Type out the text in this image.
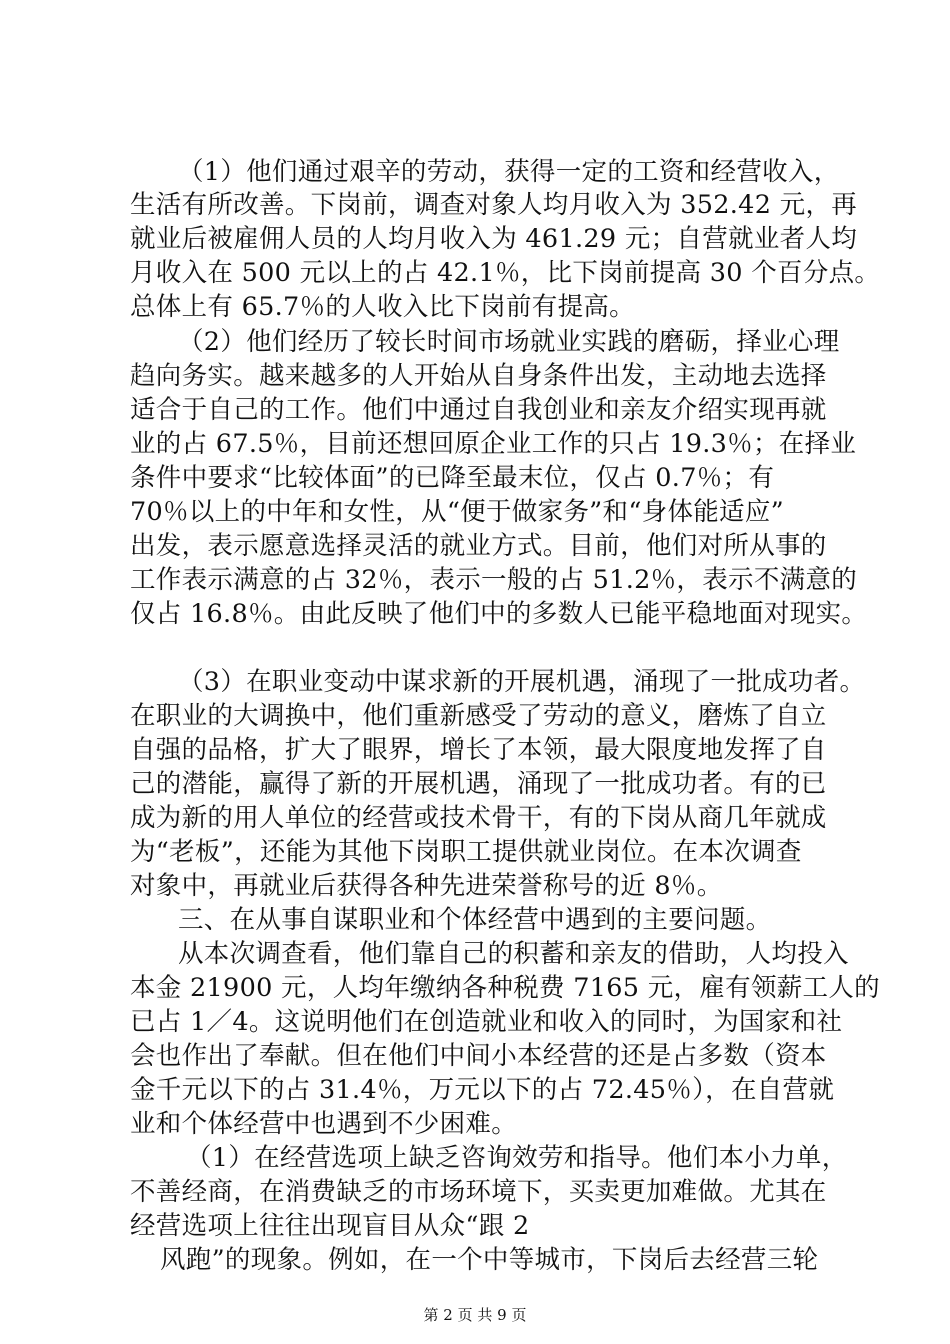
（1）他们通过艰辛的劳动，获得一定的工资和经营收入，
生活有所改善。下岗前，调查对象人均月收入为 352.42 元，再
就业后被雇佣人员的人均月收入为 461.29 元；自营就业者人均
月收入在 500 元以上的占 42.1％，比下岗前提高 30 个百分点。
总体上有 65.7％的人收入比下岗前有提高。
（2）他们经历了较长时间市场就业实践的磨砺，择业心理
趋向务实。越来越多的人开始从自身条件出发，主动地去选择
适合于自己的工作。他们中通过自我创业和亲友介绍实现再就
业的占 67.5％，目前还想回原企业工作的只占 19.3％；在择业
条件中要求“比较体面”的已降至最末位，仅占 0.7％；有
70％以上的中年和女性，从“便于做家务”和“身体能适应”
出发，表示愿意选择灵活的就业方式。目前，他们对所从事的
工作表示满意的占 32％，表示一般的占 51.2％，表示不满意的
仅占 16.8％。由此反映了他们中的多数人已能平稳地面对现实。
（3）在职业变动中谋求新的开展机遇，涌现了一批成功者。
在职业的大调换中，他们重新感受了劳动的意义，磨炼了自立
自强的品格，扩大了眼界，增长了本领，最大限度地发挥了自
己的潜能，赢得了新的开展机遇，涌现了一批成功者。有的已
成为新的用人单位的经营或技术骨干，有的下岗从商几年就成
为“老板”，还能为其他下岗职工提供就业岗位。在本次调查
对象中，再就业后获得各种先进荣誉称号的近 8％。
三、在从事自谋职业和个体经营中遇到的主要问题。
从本次调查看，他们靠自己的积蓄和亲友的借助，人均投入
本金 21900 元，人均年缴纳各种税费 7165 元，雇有领薪工人的
已占 1／4。这说明他们在创造就业和收入的同时，为国家和社
会也作出了奉献。但在他们中间小本经营的还是占多数（资本
金千元以下的占 31.4％，万元以下的占 72.45％），在自营就
业和个体经营中也遇到不少困难。
（1）在经营选项上缺乏咨询效劳和指导。他们本小力单，
不善经商，在消费缺乏的市场环境下，买卖更加难做。尤其在
经营选项上往往出现盲目从众“跟 2
第 2 页 共 9 页
风跑”的现象。例如，在一个中等城市，下岗后去经营三轮
